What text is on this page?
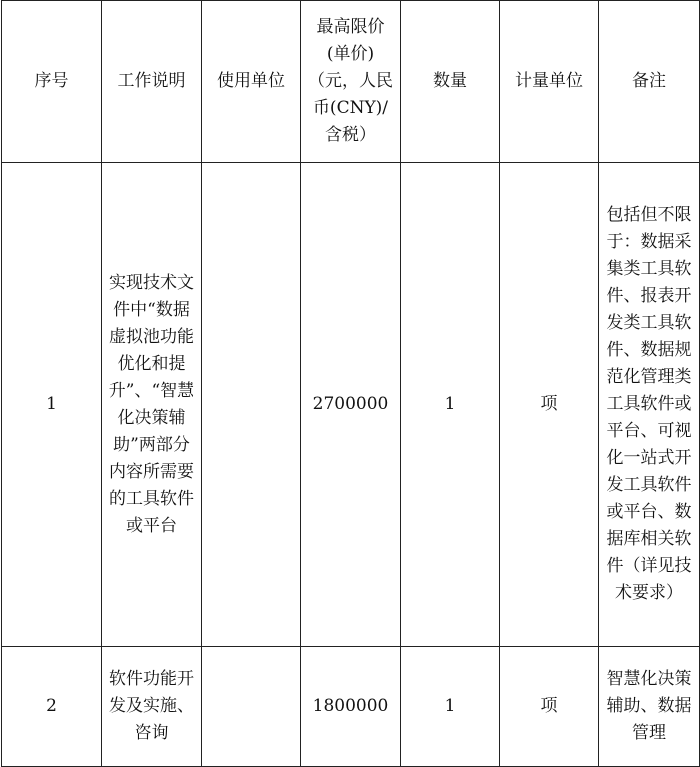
序号	工作说明	使用单位	最高限价(单价)（元，人民币(CNY)/含税）	数量	计量单位	备注
1	实现技术文件中“数据虚拟池功能优化和提升”、“智慧化决策辅助”两部分内容所需要的工具软件或平台		2700000	1	项	包括但不限于：数据采集类工具软件、报表开发类工具软件、数据规范化管理类工具软件或平台、可视化一站式开发工具软件或平台、数据库相关软件（详见技术要求）
2	软件功能开发及实施、咨询		1800000	1	项	智慧化决策辅助、数据管理
